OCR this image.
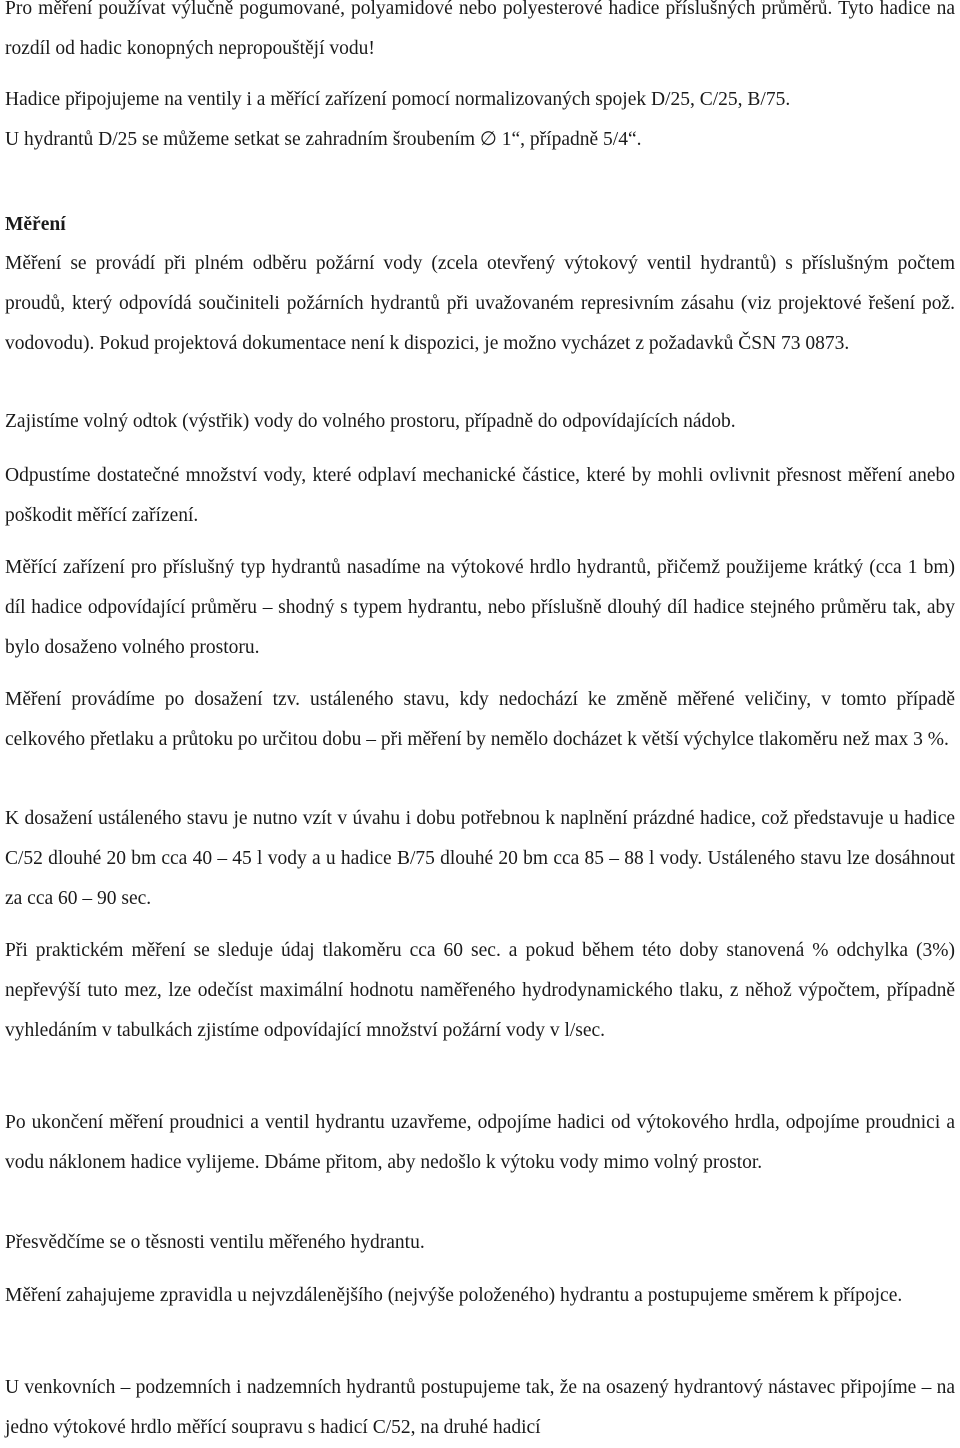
Pro měření používat výlučně pogumované, polyamidové nebo polyesterové hadice příslušných průměrů. Tyto hadice na rozdíl od hadic konopných nepropouštějí vodu!

Hadice připojujeme na ventily i a měřící zařízení pomocí normalizovaných spojek D/25, C/25, B/75.

U hydrantů D/25 se můžeme setkat se zahradním šroubením ∅ 1“, případně 5/4“.

Měření

Měření se provádí při plném odběru požární vody (zcela otevřený výtokový ventil hydrantů) s příslušným počtem proudů, který odpovídá součiniteli požárních hydrantů při uvažovaném represivním zásahu (viz projektové řešení pož. vodovodu). Pokud projektová dokumentace není k dispozici, je možno vycházet z požadavků ČSN 73 0873.

Zajistíme volný odtok (výstřik) vody do volného prostoru, případně do odpovídajících nádob.

Odpustíme dostatečné množství vody, které odplaví mechanické částice, které by mohli ovlivnit přesnost měření anebo poškodit měřící zařízení.

Měřící zařízení pro příslušný typ hydrantů nasadíme na výtokové hrdlo hydrantů, přičemž použijeme krátký (cca 1 bm) díl hadice odpovídající průměru – shodný s typem hydrantu, nebo příslušně dlouhý díl hadice stejného průměru tak, aby bylo dosaženo volného prostoru.

Měření provádíme po dosažení tzv. ustáleného stavu, kdy nedochází ke změně měřené veličiny, v tomto případě celkového přetlaku a průtoku po určitou dobu – při měření by nemělo docházet k větší výchylce tlakoměru než max 3 %.

K dosažení ustáleného stavu je nutno vzít v úvahu i dobu potřebnou k naplnění prázdné hadice, což představuje u hadice C/52 dlouhé 20 bm cca 40 – 45 l vody a u hadice B/75 dlouhé 20 bm cca 85 – 88 l vody. Ustáleného stavu lze dosáhnout za cca 60 – 90 sec.

Při praktickém měření se sleduje údaj tlakoměru cca 60 sec. a pokud během této doby stanovená % odchylka (3%) nepřevýší tuto mez, lze odečíst maximální hodnotu naměřeného hydrodynamického tlaku, z něhož výpočtem, případně vyhledáním v tabulkách zjistíme odpovídající množství požární vody v l/sec.

Po ukončení měření proudnici a ventil hydrantu uzavřeme, odpojíme hadici od výtokového hrdla, odpojíme proudnici a vodu náklonem hadice vylijeme. Dbáme přitom, aby nedošlo k výtoku vody mimo volný prostor.

Přesvědčíme se o těsnosti ventilu měřeného hydrantu.

Měření zahajujeme zpravidla u nejvzdálenějšího (nejvýše položeného) hydrantu a postupujeme směrem k přípojce.

U venkovních – podzemních i nadzemních hydrantů postupujeme tak, že na osazený hydrantový nástavec připojíme – na jedno výtokové hrdlo měřící soupravu s hadicí C/52, na druhé hadicí
